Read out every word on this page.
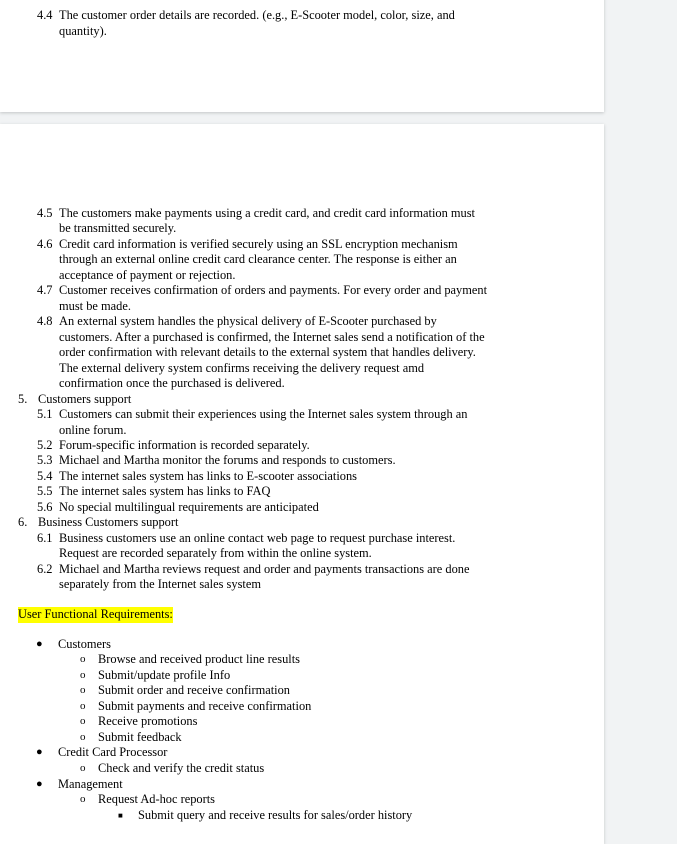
4.4 The customer order details are recorded. (e.g., E-Scooter model, color, size, and
quantity).
4.5 The customers make payments using a credit card, and credit card information must
be transmitted securely.
4.6 Credit card information is verified securely using an SSL encryption mechanism
through an external online credit card clearance center. The response is either an
acceptance of payment or rejection.
4.7 Customer receives confirmation of orders and payments. For every order and payment
must be made.
4.8 An external system handles the physical delivery of E-Scooter purchased by
customers. After a purchased is confirmed, the Internet sales send a notification of the
order confirmation with relevant details to the external system that handles delivery.
The external delivery system confirms receiving the delivery request amd
confirmation once the purchased is delivered.
5. Customers support
5.1 Customers can submit their experiences using the Internet sales system through an
online forum.
5.2 Forum-specific information is recorded separately.
5.3 Michael and Martha monitor the forums and responds to customers.
5.4 The internet sales system has links to E-scooter associations
5.5 The internet sales system has links to FAQ
5.6 No special multilingual requirements are anticipated
6. Business Customers support
6.1 Business customers use an online contact web page to request purchase interest.
Request are recorded separately from within the online system.
6.2 Michael and Martha reviews request and order and payments transactions are done
separately from the Internet sales system
User Functional Requirements:
● Customers
o Browse and received product line results
o Submit/update profile Info
o Submit order and receive confirmation
o Submit payments and receive confirmation
o Receive promotions
o Submit feedback
● Credit Card Processor
o Check and verify the credit status
● Management
o Request Ad-hoc reports
■ Submit query and receive results for sales/order history
